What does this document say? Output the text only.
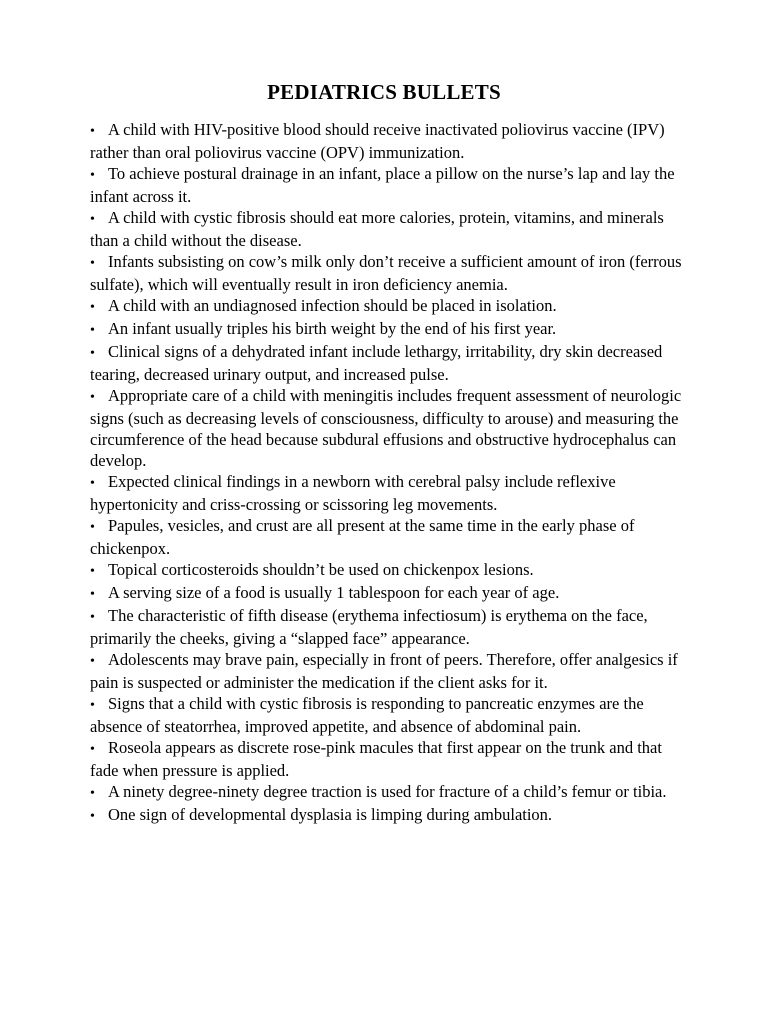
PEDIATRICS BULLETS
•A child with HIV-positive blood should receive inactivated poliovirus vaccine (IPV) rather than oral poliovirus vaccine (OPV) immunization.
•To achieve postural drainage in an infant, place a pillow on the nurse’s lap and lay the infant across it.
•A child with cystic fibrosis should eat more calories, protein, vitamins, and minerals than a child without the disease.
•Infants subsisting on cow’s milk only don’t receive a sufficient amount of iron (ferrous sulfate), which will eventually result in iron deficiency anemia.
•A child with an undiagnosed infection should be placed in isolation.
•An infant usually triples his birth weight by the end of his first year.
•Clinical signs of a dehydrated infant include lethargy, irritability, dry skin decreased tearing, decreased urinary output, and increased pulse.
•Appropriate care of a child with meningitis includes frequent assessment of neurologic signs (such as decreasing levels of consciousness, difficulty to arouse) and measuring the circumference of the head because subdural effusions and obstructive hydrocephalus can develop.
•Expected clinical findings in a newborn with cerebral palsy include reflexive hypertonicity and criss-crossing or scissoring leg movements.
•Papules, vesicles, and crust are all present at the same time in the early phase of chickenpox.
•Topical corticosteroids shouldn’t be used on chickenpox lesions.
•A serving size of a food is usually 1 tablespoon for each year of age.
•The characteristic of fifth disease (erythema infectiosum) is erythema on the face, primarily the cheeks, giving a “slapped face” appearance.
•Adolescents may brave pain, especially in front of peers. Therefore, offer analgesics if pain is suspected or administer the medication if the client asks for it.
•Signs that a child with cystic fibrosis is responding to pancreatic enzymes are the absence of steatorrhea, improved appetite, and absence of abdominal pain.
•Roseola appears as discrete rose-pink macules that first appear on the trunk and that fade when pressure is applied.
•A ninety degree-ninety degree traction is used for fracture of a child’s femur or tibia.
•One sign of developmental dysplasia is limping during ambulation.
